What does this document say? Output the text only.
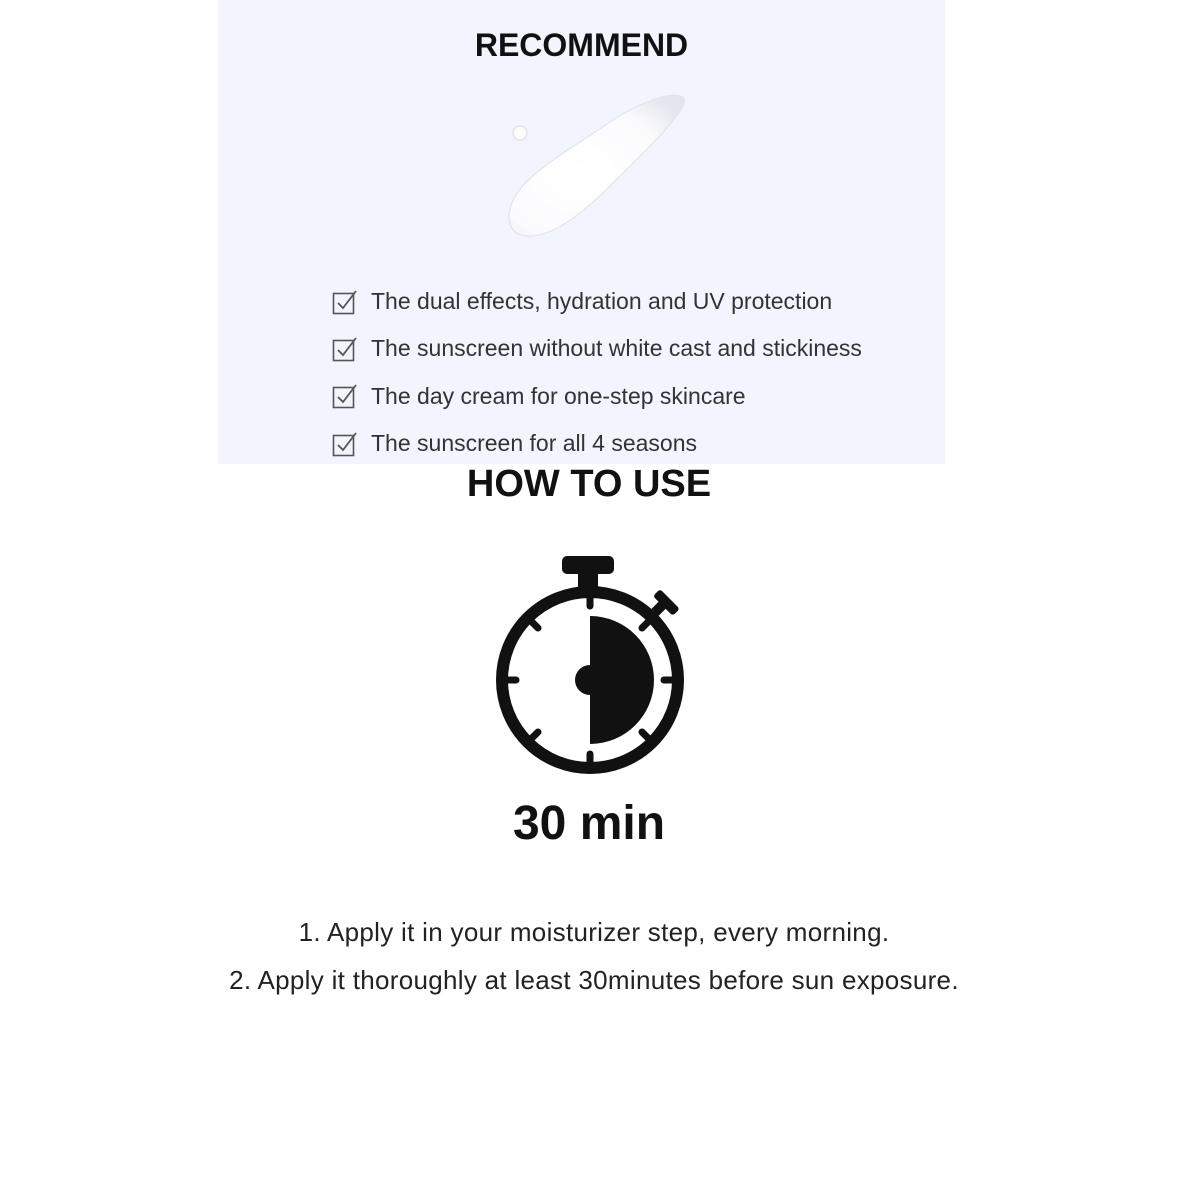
RECOMMEND
The dual effects, hydration and UV protection
The sunscreen without white cast and stickiness
The day cream for one-step skincare
The sunscreen for all 4 seasons
HOW TO USE
30 min
1. Apply it in your moisturizer step, every morning.
2. Apply it thoroughly at least 30minutes before sun exposure.
